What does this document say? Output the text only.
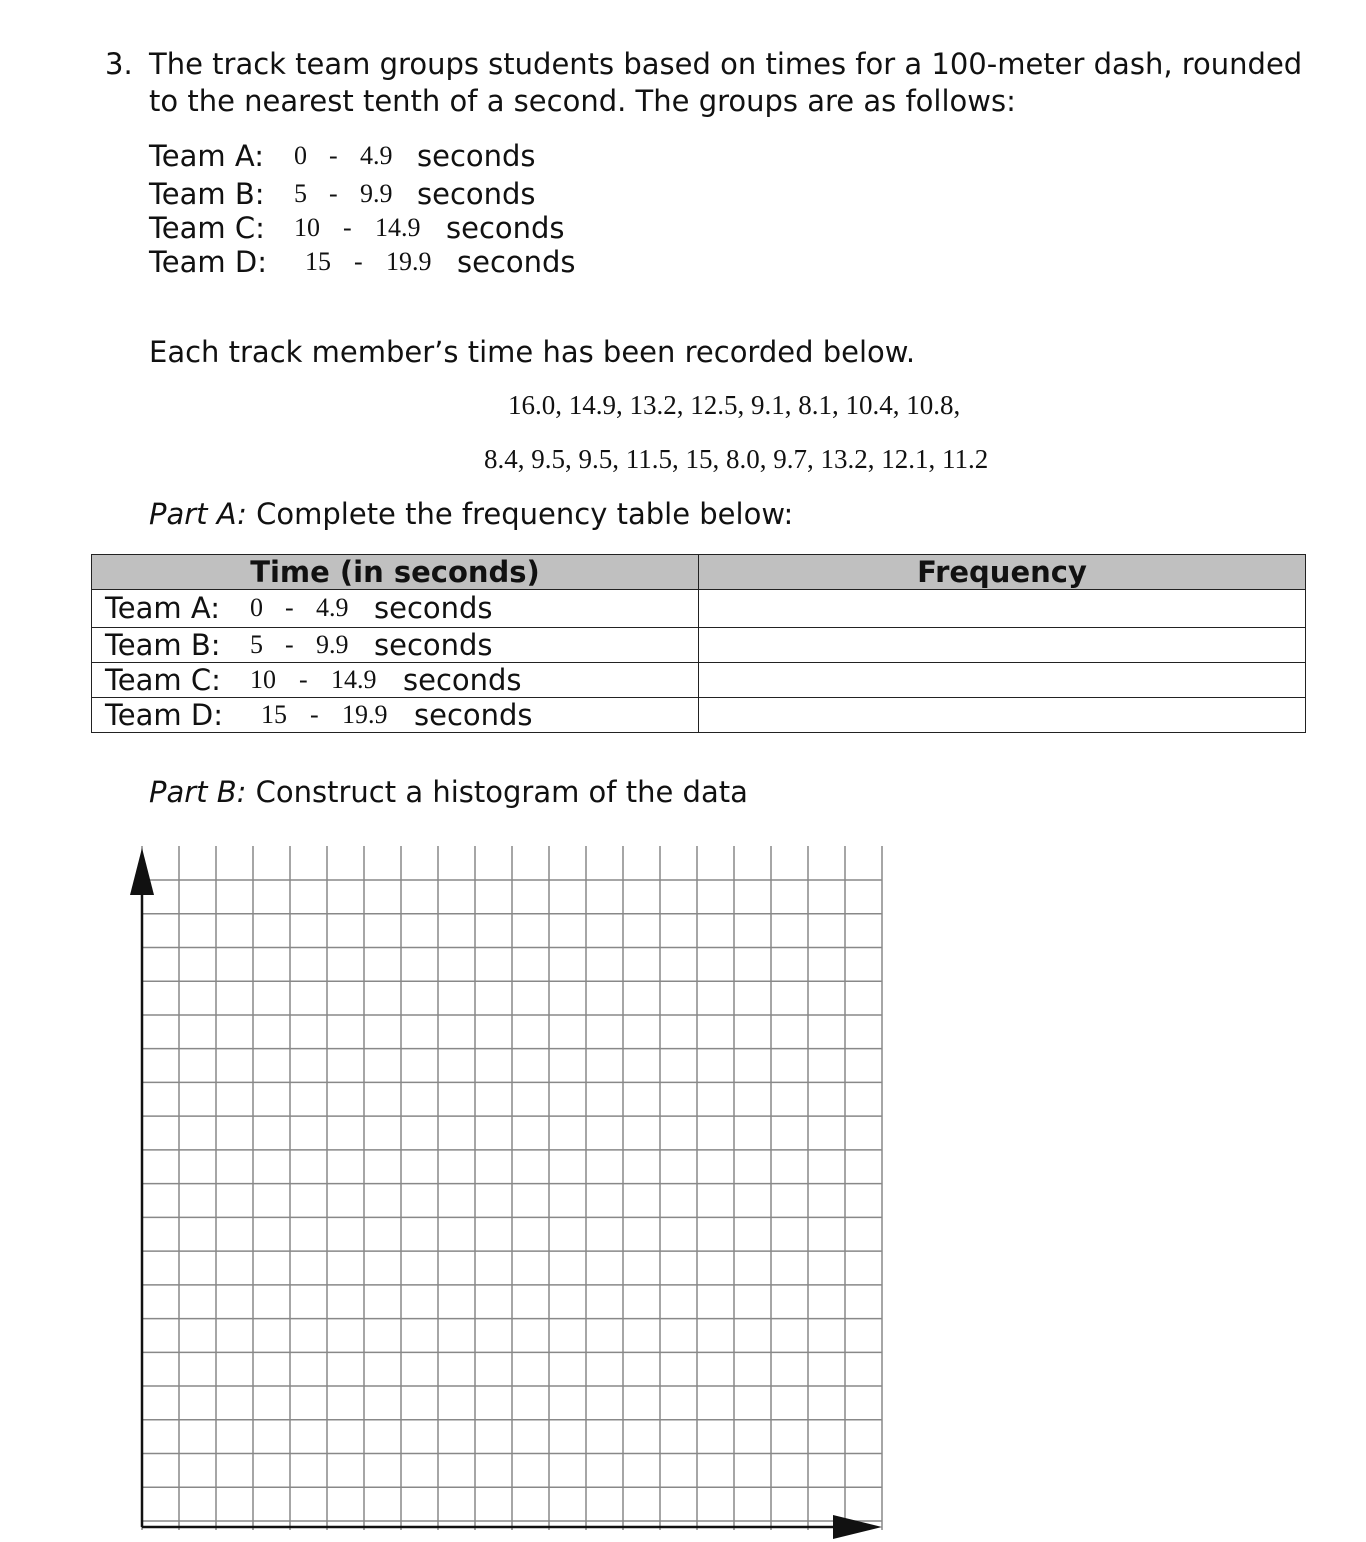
3. The track team groups students based on times for a 100-meter dash, rounded
to the nearest tenth of a second. The groups are as follows:
Team A: 0 - 4.9 seconds
Team B: 5 - 9.9 seconds
Team C: 10 - 14.9 seconds
Team D: 15 - 19.9 seconds
Each track member’s time has been recorded below.
16.0, 14.9, 13.2, 12.5, 9.1, 8.1, 10.4, 10.8,
8.4, 9.5, 9.5, 11.5, 15, 8.0, 9.7, 13.2, 12.1, 11.2
Part A: Complete the frequency table below:
Time (in seconds)	Frequency

Team A: 0 - 4.9 seconds	

Team B: 5 - 9.9 seconds	

Team C: 10 - 14.9 seconds	

Team D: 15 - 19.9 seconds	

Part B: Construct a histogram of the data
